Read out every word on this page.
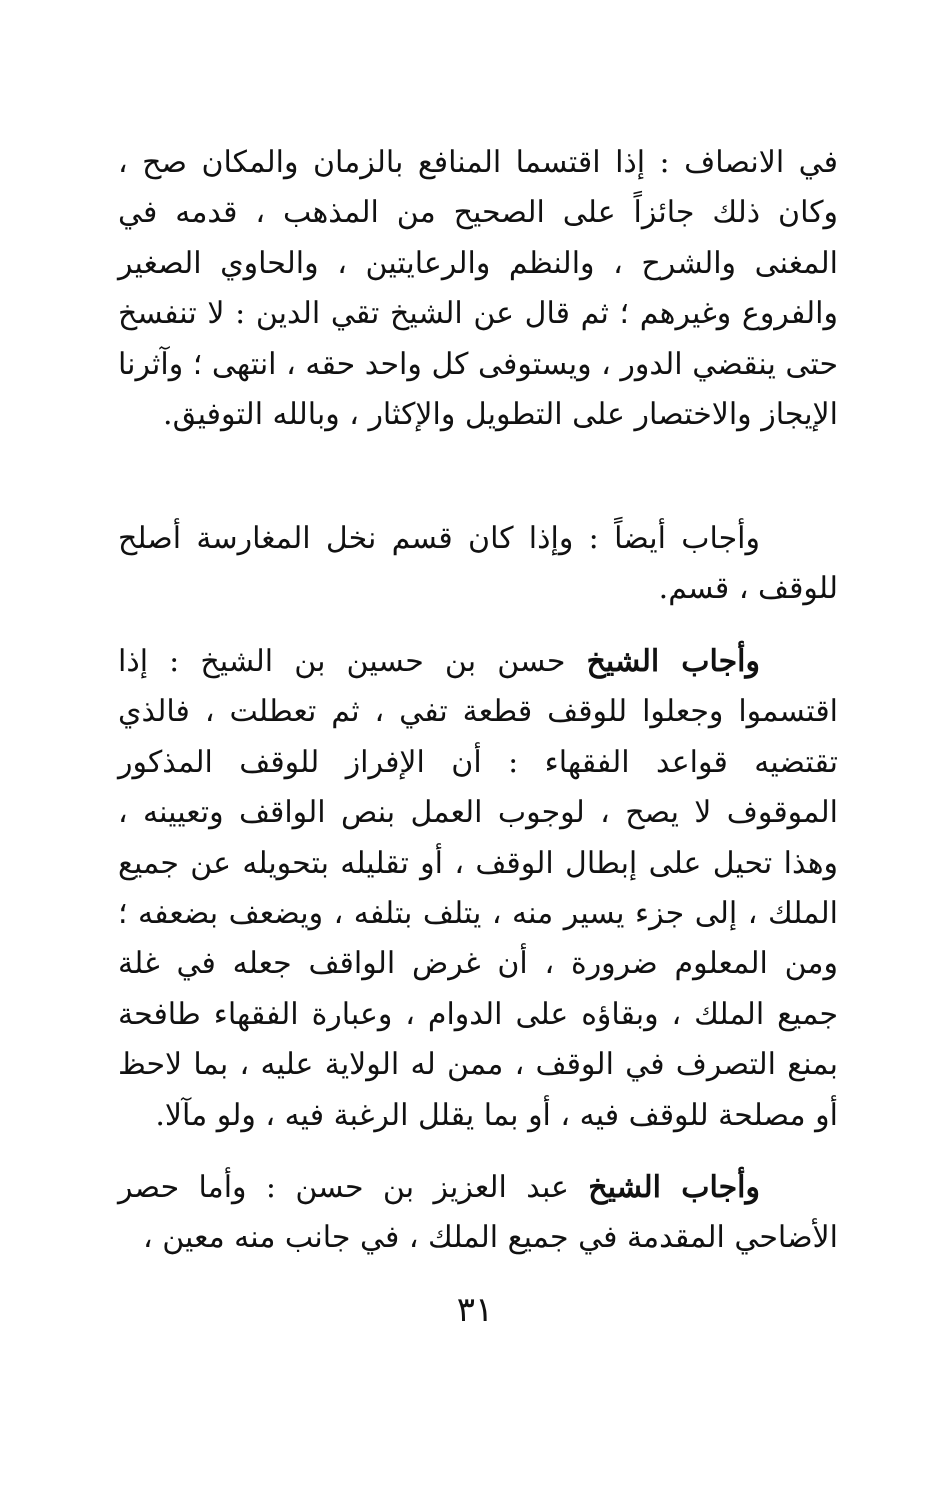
في الانصاف : إذا اقتسما المنافع بالزمان والمكان صح ، وكان ذلك جائزاً على الصحيح من المذهب ، قدمه في المغنى والشرح ، والنظم والرعايتين ، والحاوي الصغير والفروع وغيرهم ؛ ثم قال عن الشيخ تقي الدين : لا تنفسخ حتى ينقضي الدور ، ويستوفى كل واحد حقه ، انتهى ؛ وآثرنا الإيجاز والاختصار على التطويل والإكثار ، وبالله التوفيق.

وأجاب أيضاً : وإذا كان قسم نخل المغارسة أصلح للوقف ، قسم.

وأجاب الشيخ حسن بن حسين بن الشيخ : إذا اقتسموا وجعلوا للوقف قطعة تفي ، ثم تعطلت ، فالذي تقتضيه قواعد الفقهاء : أن الإفراز للوقف المذكور الموقوف لا يصح ، لوجوب العمل بنص الواقف وتعيينه ، وهذا تحيل على إبطال الوقف ، أو تقليله بتحويله عن جميع الملك ، إلى جزء يسير منه ، يتلف بتلفه ، ويضعف بضعفه ؛ ومن المعلوم ضرورة ، أن غرض الواقف جعله في غلة جميع الملك ، وبقاؤه على الدوام ، وعبارة الفقهاء طافحة بمنع التصرف في الوقف ، ممن له الولاية عليه ، بما لاحظ أو مصلحة للوقف فيه ، أو بما يقلل الرغبة فيه ، ولو مآلا.

وأجاب الشيخ عبد العزيز بن حسن : وأما حصر الأضاحي المقدمة في جميع الملك ، في جانب منه معين ،

٣١
